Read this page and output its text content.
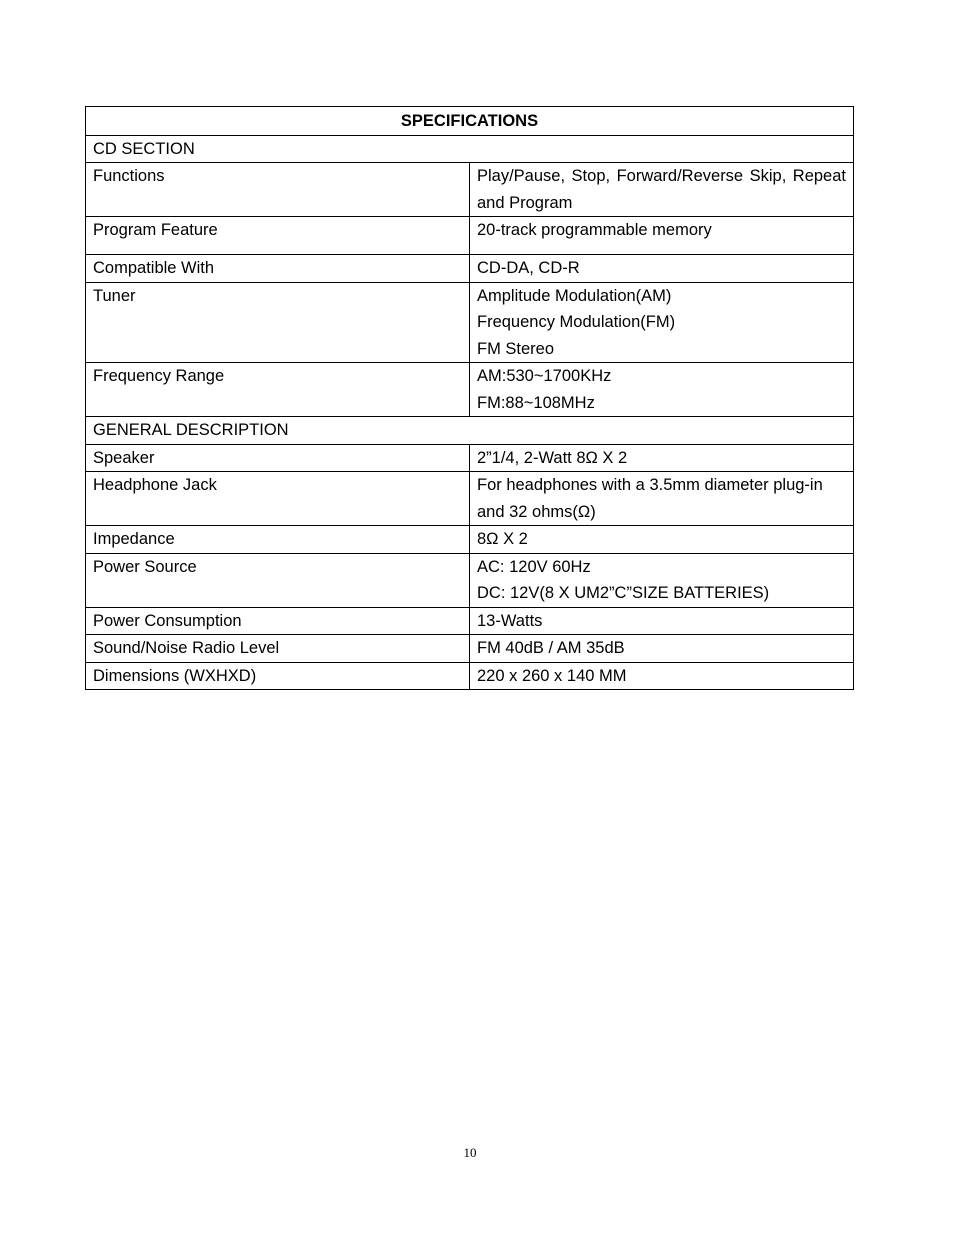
SPECIFICATIONS	
CD SECTION	
Functions	Play/Pause, Stop, Forward/Reverse Skip, Repeat and Program
Program Feature	20-track programmable memory
Compatible With	CD-DA, CD-R
Tuner	Amplitude Modulation(AM)
Frequency Modulation(FM)
FM Stereo

Frequency Range	AM:530~1700KHz
FM:88~108MHz

GENERAL DESCRIPTION	
Speaker	2”1/4, 2-Watt 8Ω X 2
Headphone Jack	For headphones with a 3.5mm diameter plug-in and 32 ohms(Ω)
Impedance	8Ω X 2
Power Source	AC: 120V 60Hz
DC: 12V(8 X UM2”C”SIZE BATTERIES)

Power Consumption	13-Watts
Sound/Noise Radio Level	FM 40dB / AM 35dB
Dimensions (WXHXD)	220 x 260 x 140 MM
10
